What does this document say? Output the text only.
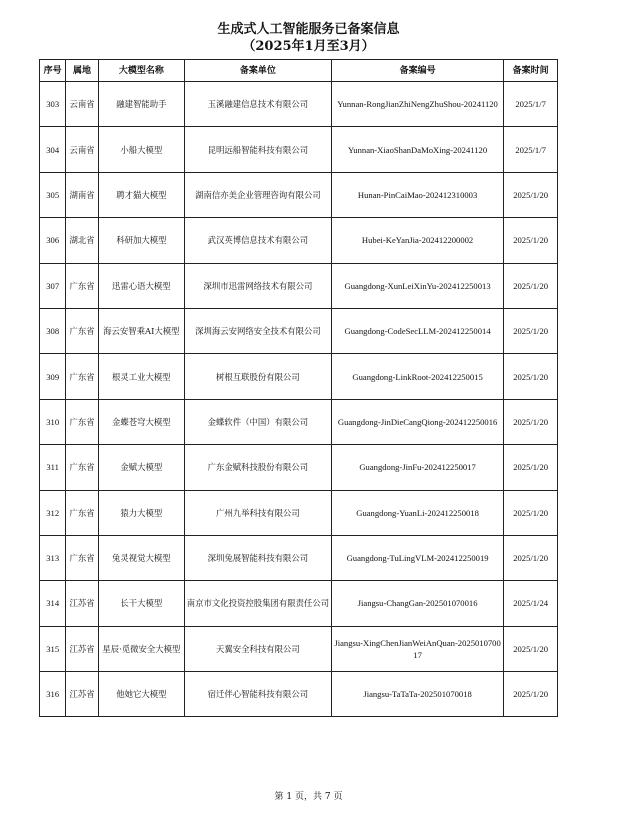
生成式人工智能服务已备案信息
（2025年1月至3月）
序号	属地	大模型名称	备案单位	备案编号	备案时间
303	云南省	融建智能助手	玉溪融建信息技术有限公司	Yunnan-RongJianZhiNengZhuShou-20241120	2025/1/7
304	云南省	小船大模型	昆明远船智能科技有限公司	Yunnan-XiaoShanDaMoXing-20241120	2025/1/7
305	湖南省	聘才猫大模型	湖南信亦美企业管理咨询有限公司	Hunan-PinCaiMao-202412310003	2025/1/20
306	湖北省	科研加大模型	武汉英博信息技术有限公司	Hubei-KeYanJia-202412200002	2025/1/20
307	广东省	迅雷心语大模型	深圳市迅雷网络技术有限公司	Guangdong-XunLeiXinYu-202412250013	2025/1/20
308	广东省	海云安智乘AI大模型	深圳海云安网络安全技术有限公司	Guangdong-CodeSecLLM-202412250014	2025/1/20
309	广东省	根灵工业大模型	树根互联股份有限公司	Guangdong-LinkRoot-202412250015	2025/1/20
310	广东省	金蝶苍穹大模型	金蝶软件（中国）有限公司	Guangdong-JinDieCangQiong-202412250016	2025/1/20
311	广东省	金赋大模型	广东金赋科技股份有限公司	Guangdong-JinFu-202412250017	2025/1/20
312	广东省	猿力大模型	广州九举科技有限公司	Guangdong-YuanLi-202412250018	2025/1/20
313	广东省	兔灵视觉大模型	深圳兔展智能科技有限公司	Guangdong-TuLingVLM-202412250019	2025/1/20
314	江苏省	长干大模型	南京市文化投资控股集团有限责任公司	Jiangsu-ChangGan-202501070016	2025/1/24
315	江苏省	星辰·觅微安全大模型	天翼安全科技有限公司	Jiangsu-XingChenJianWeiAnQuan-202501070017	2025/1/20
316	江苏省	他她它大模型	宿迁伴心智能科技有限公司	Jiangsu-TaTaTa-202501070018	2025/1/20
第 1 页，共 7 页
